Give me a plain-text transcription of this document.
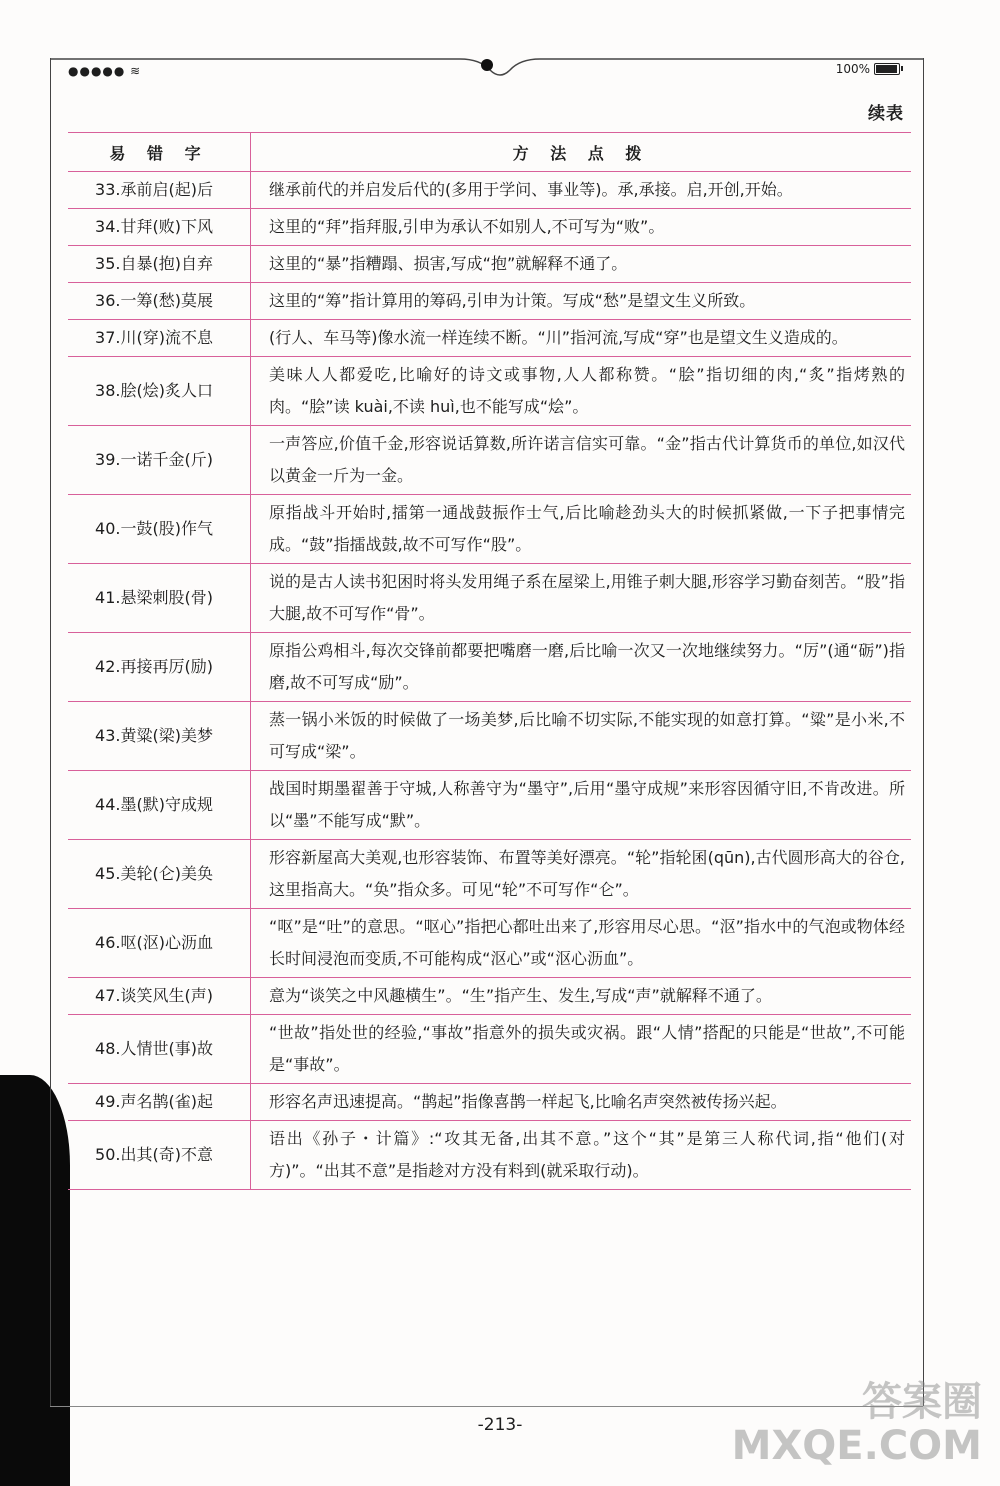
●●●●● ≋	100%
续表
易 错 字	方 法 点 拨
33.承前启(起)后	继承前代的并启发后代的(多用于学问、事业等)。承,承接。启,开创,开始。
34.甘拜(败)下风	这里的“拜”指拜服,引申为承认不如别人,不可写为“败”。
35.自暴(抱)自弃	这里的“暴”指糟蹋、损害,写成“抱”就解释不通了。
36.一筹(愁)莫展	这里的“筹”指计算用的筹码,引申为计策。写成“愁”是望文生义所致。
37.川(穿)流不息	(行人、车马等)像水流一样连续不断。“川”指河流,写成“穿”也是望文生义造成的。
38.脍(烩)炙人口	美味人人都爱吃,比喻好的诗文或事物,人人都称赞。“脍”指切细的肉,“炙”指烤熟的肉。“脍”读 kuài,不读 huì,也不能写成“烩”。
39.一诺千金(斤)	一声答应,价值千金,形容说话算数,所许诺言信实可靠。“金”指古代计算货币的单位,如汉代以黄金一斤为一金。
40.一鼓(股)作气	原指战斗开始时,擂第一通战鼓振作士气,后比喻趁劲头大的时候抓紧做,一下子把事情完成。“鼓”指擂战鼓,故不可写作“股”。
41.悬梁刺股(骨)	说的是古人读书犯困时将头发用绳子系在屋梁上,用锥子刺大腿,形容学习勤奋刻苦。“股”指大腿,故不可写作“骨”。
42.再接再厉(励)	原指公鸡相斗,每次交锋前都要把嘴磨一磨,后比喻一次又一次地继续努力。“厉”(通“砺”)指磨,故不可写成“励”。
43.黄粱(梁)美梦	蒸一锅小米饭的时候做了一场美梦,后比喻不切实际,不能实现的如意打算。“粱”是小米,不可写成“梁”。
44.墨(默)守成规	战国时期墨翟善于守城,人称善守为“墨守”,后用“墨守成规”来形容因循守旧,不肯改进。所以“墨”不能写成“默”。
45.美轮(仑)美奂	形容新屋高大美观,也形容装饰、布置等美好漂亮。“轮”指轮囷(qūn),古代圆形高大的谷仓,这里指高大。“奂”指众多。可见“轮”不可写作“仑”。
46.呕(沤)心沥血	“呕”是“吐”的意思。“呕心”指把心都吐出来了,形容用尽心思。“沤”指水中的气泡或物体经长时间浸泡而变质,不可能构成“沤心”或“沤心沥血”。
47.谈笑风生(声)	意为“谈笑之中风趣横生”。“生”指产生、发生,写成“声”就解释不通了。
48.人情世(事)故	“世故”指处世的经验,“事故”指意外的损失或灾祸。跟“人情”搭配的只能是“世故”,不可能是“事故”。
49.声名鹊(雀)起	形容名声迅速提高。“鹊起”指像喜鹊一样起飞,比喻名声突然被传扬兴起。
50.出其(奇)不意	语出《孙子・计篇》:“攻其无备,出其不意。”这个“其”是第三人称代词,指“他们(对方)”。“出其不意”是指趁对方没有料到(就采取行动)。
-213-	答案圈
MXQE.COM
